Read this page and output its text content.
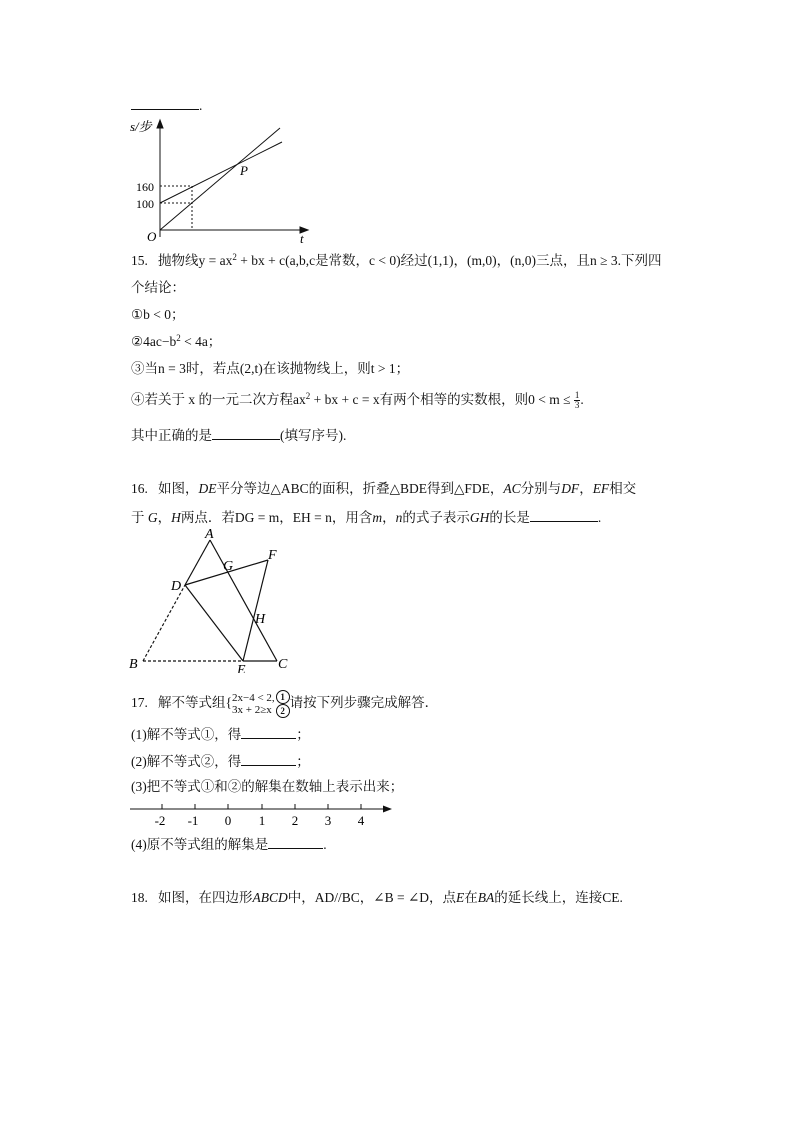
.
s/步
t
O
P
160
100
15. 抛物线$y = ax^2$ + bx + c(a,b,c是常数，c < 0)经过(1,1)，(m,0)，(n,0)三点，且n ≥ 3.下列四
个结论：
①b < 0；
$②4ac-b^2 < 4a$；
③当n = 3时，若点(2,t)在该抛物线上，则t > 1；
④若关于 x 的一元二次方程$ax^2$ + bx + c = x有两个相等的实数根，则$0 < m \le \frac{1}{3}$ .
其中正确的是	(填写序号).
16. 如图，DE平分等边△ABC的面积，折叠△BDE得到△FDE，AC分别与DF，EF相交
于 G，H两点．若DG = m，EH = n，用含m，n的式子表示GH的长是	.
A
B	C
D
E
F
G
H
17. 解不等式组{ 2x−4 < 2,
$3x + 2\ge x \frac{1}{2}$ 请按下列步骤完成解答．
(1)解不等式①，得	；
(2)解不等式②，得	；
(3)把不等式①和②的解集在数轴上表示出来；
-2 -1 0 1 2 3 4
(4)原不等式组的解集是	.
18. 如图，在四边形ABCD中，AD//BC，∠B = ∠D，点E在BA的延长线上，连接CE.
